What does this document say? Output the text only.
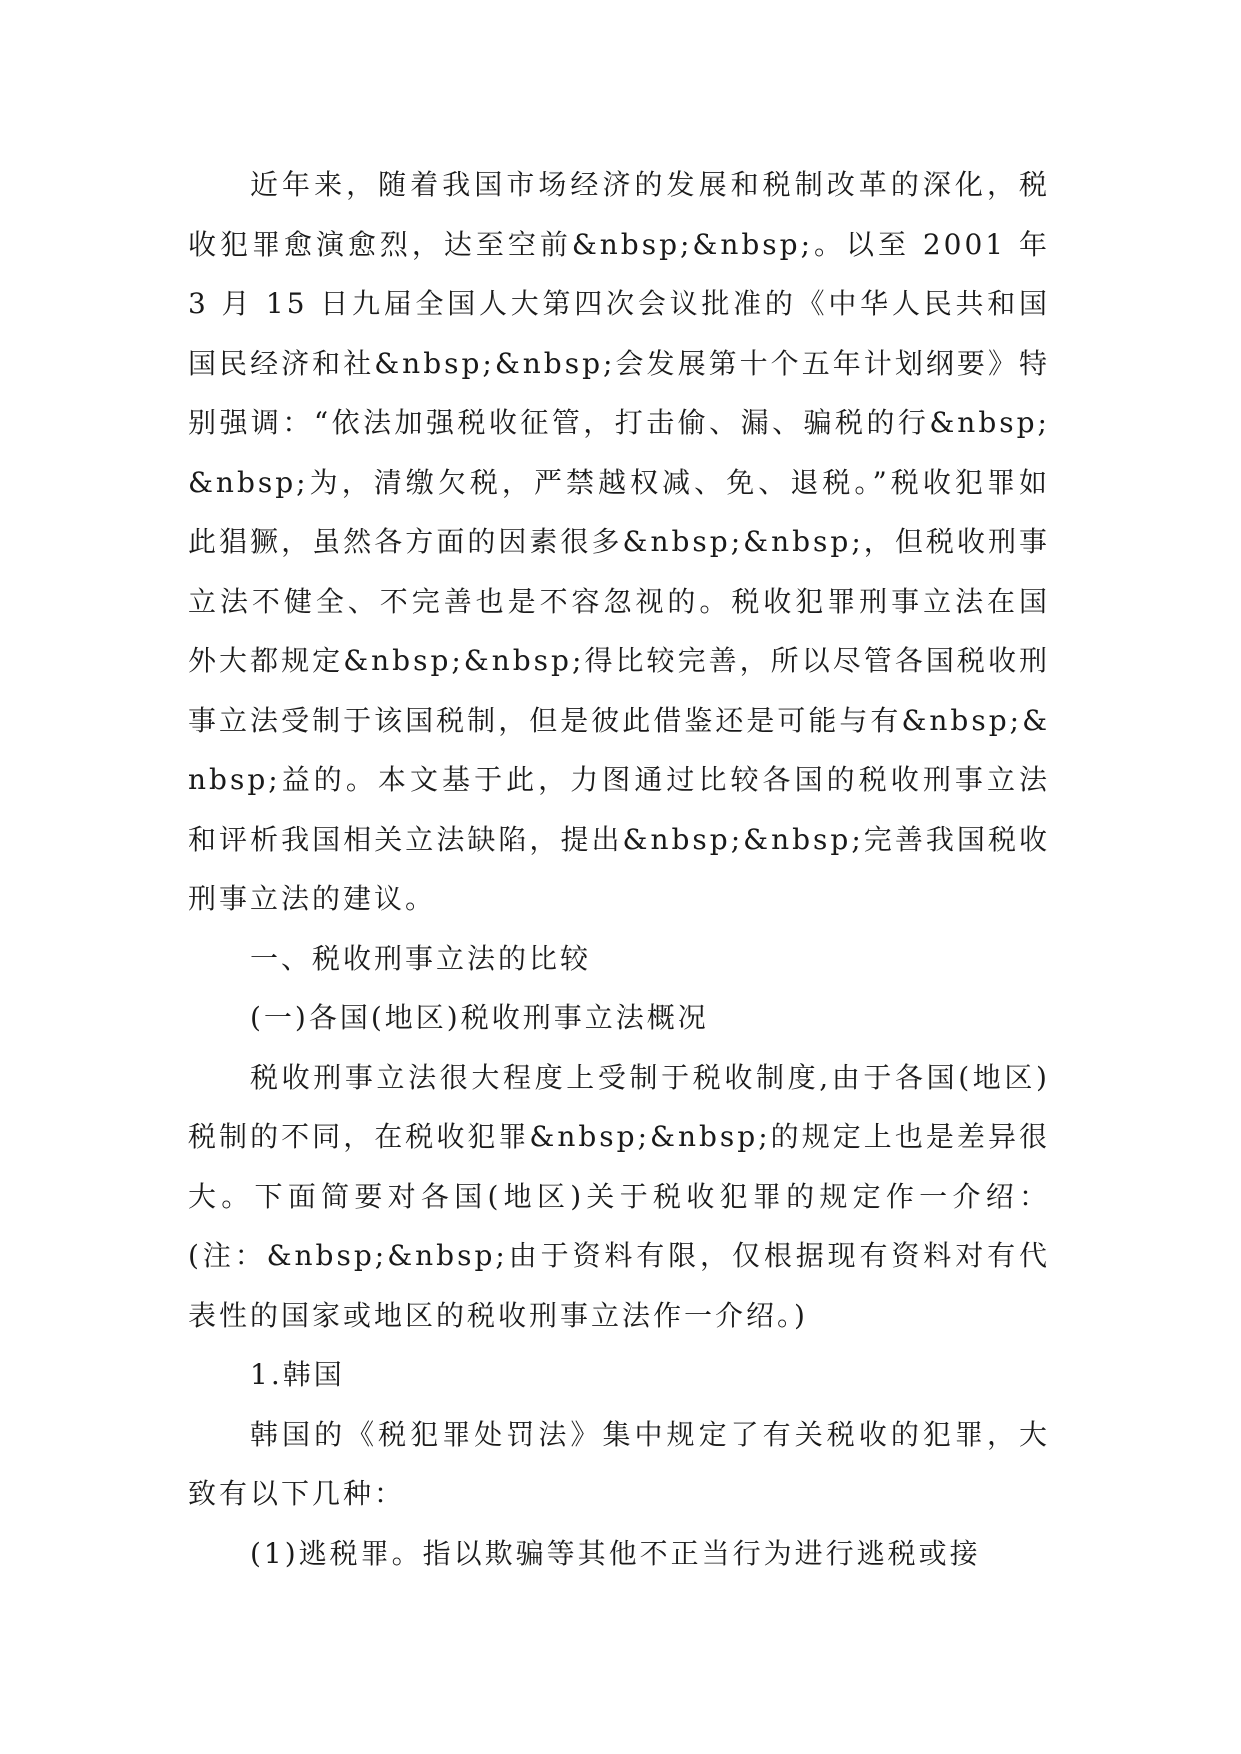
近年来，随着我国市场经济的发展和税制改革的深化，税收犯罪愈演愈烈，达至空前&nbsp;&nbsp;。以至 2001 年 3 月 15 日九届全国人大第四次会议批准的《中华人民共和国国民经济和社&nbsp;&nbsp;会发展第十个五年计划纲要》特别强调：“依法加强税收征管，打击偷、漏、骗税的行&nbsp;&nbsp;为，清缴欠税，严禁越权减、免、退税。”税收犯罪如此猖獗，虽然各方面的因素很多&nbsp;&nbsp;，但税收刑事立法不健全、不完善也是不容忽视的。税收犯罪刑事立法在国外大都规定&nbsp;&nbsp;得比较完善，所以尽管各国税收刑事立法受制于该国税制，但是彼此借鉴还是可能与有&nbsp;&nbsp;益的。本文基于此，力图通过比较各国的税收刑事立法和评析我国相关立法缺陷，提出&nbsp;&nbsp;完善我国税收刑事立法的建议。

一、税收刑事立法的比较

(一)各国(地区)税收刑事立法概况

税收刑事立法很大程度上受制于税收制度,由于各国(地区)税制的不同，在税收犯罪&nbsp;&nbsp;的规定上也是差异很大。下面简要对各国(地区)关于税收犯罪的规定作一介绍：(注：&nbsp;&nbsp;由于资料有限，仅根据现有资料对有代表性的国家或地区的税收刑事立法作一介绍。)

1.韩国

韩国的《税犯罪处罚法》集中规定了有关税收的犯罪，大致有以下几种：

(1)逃税罪。指以欺骗等其他不正当行为进行逃税或接
